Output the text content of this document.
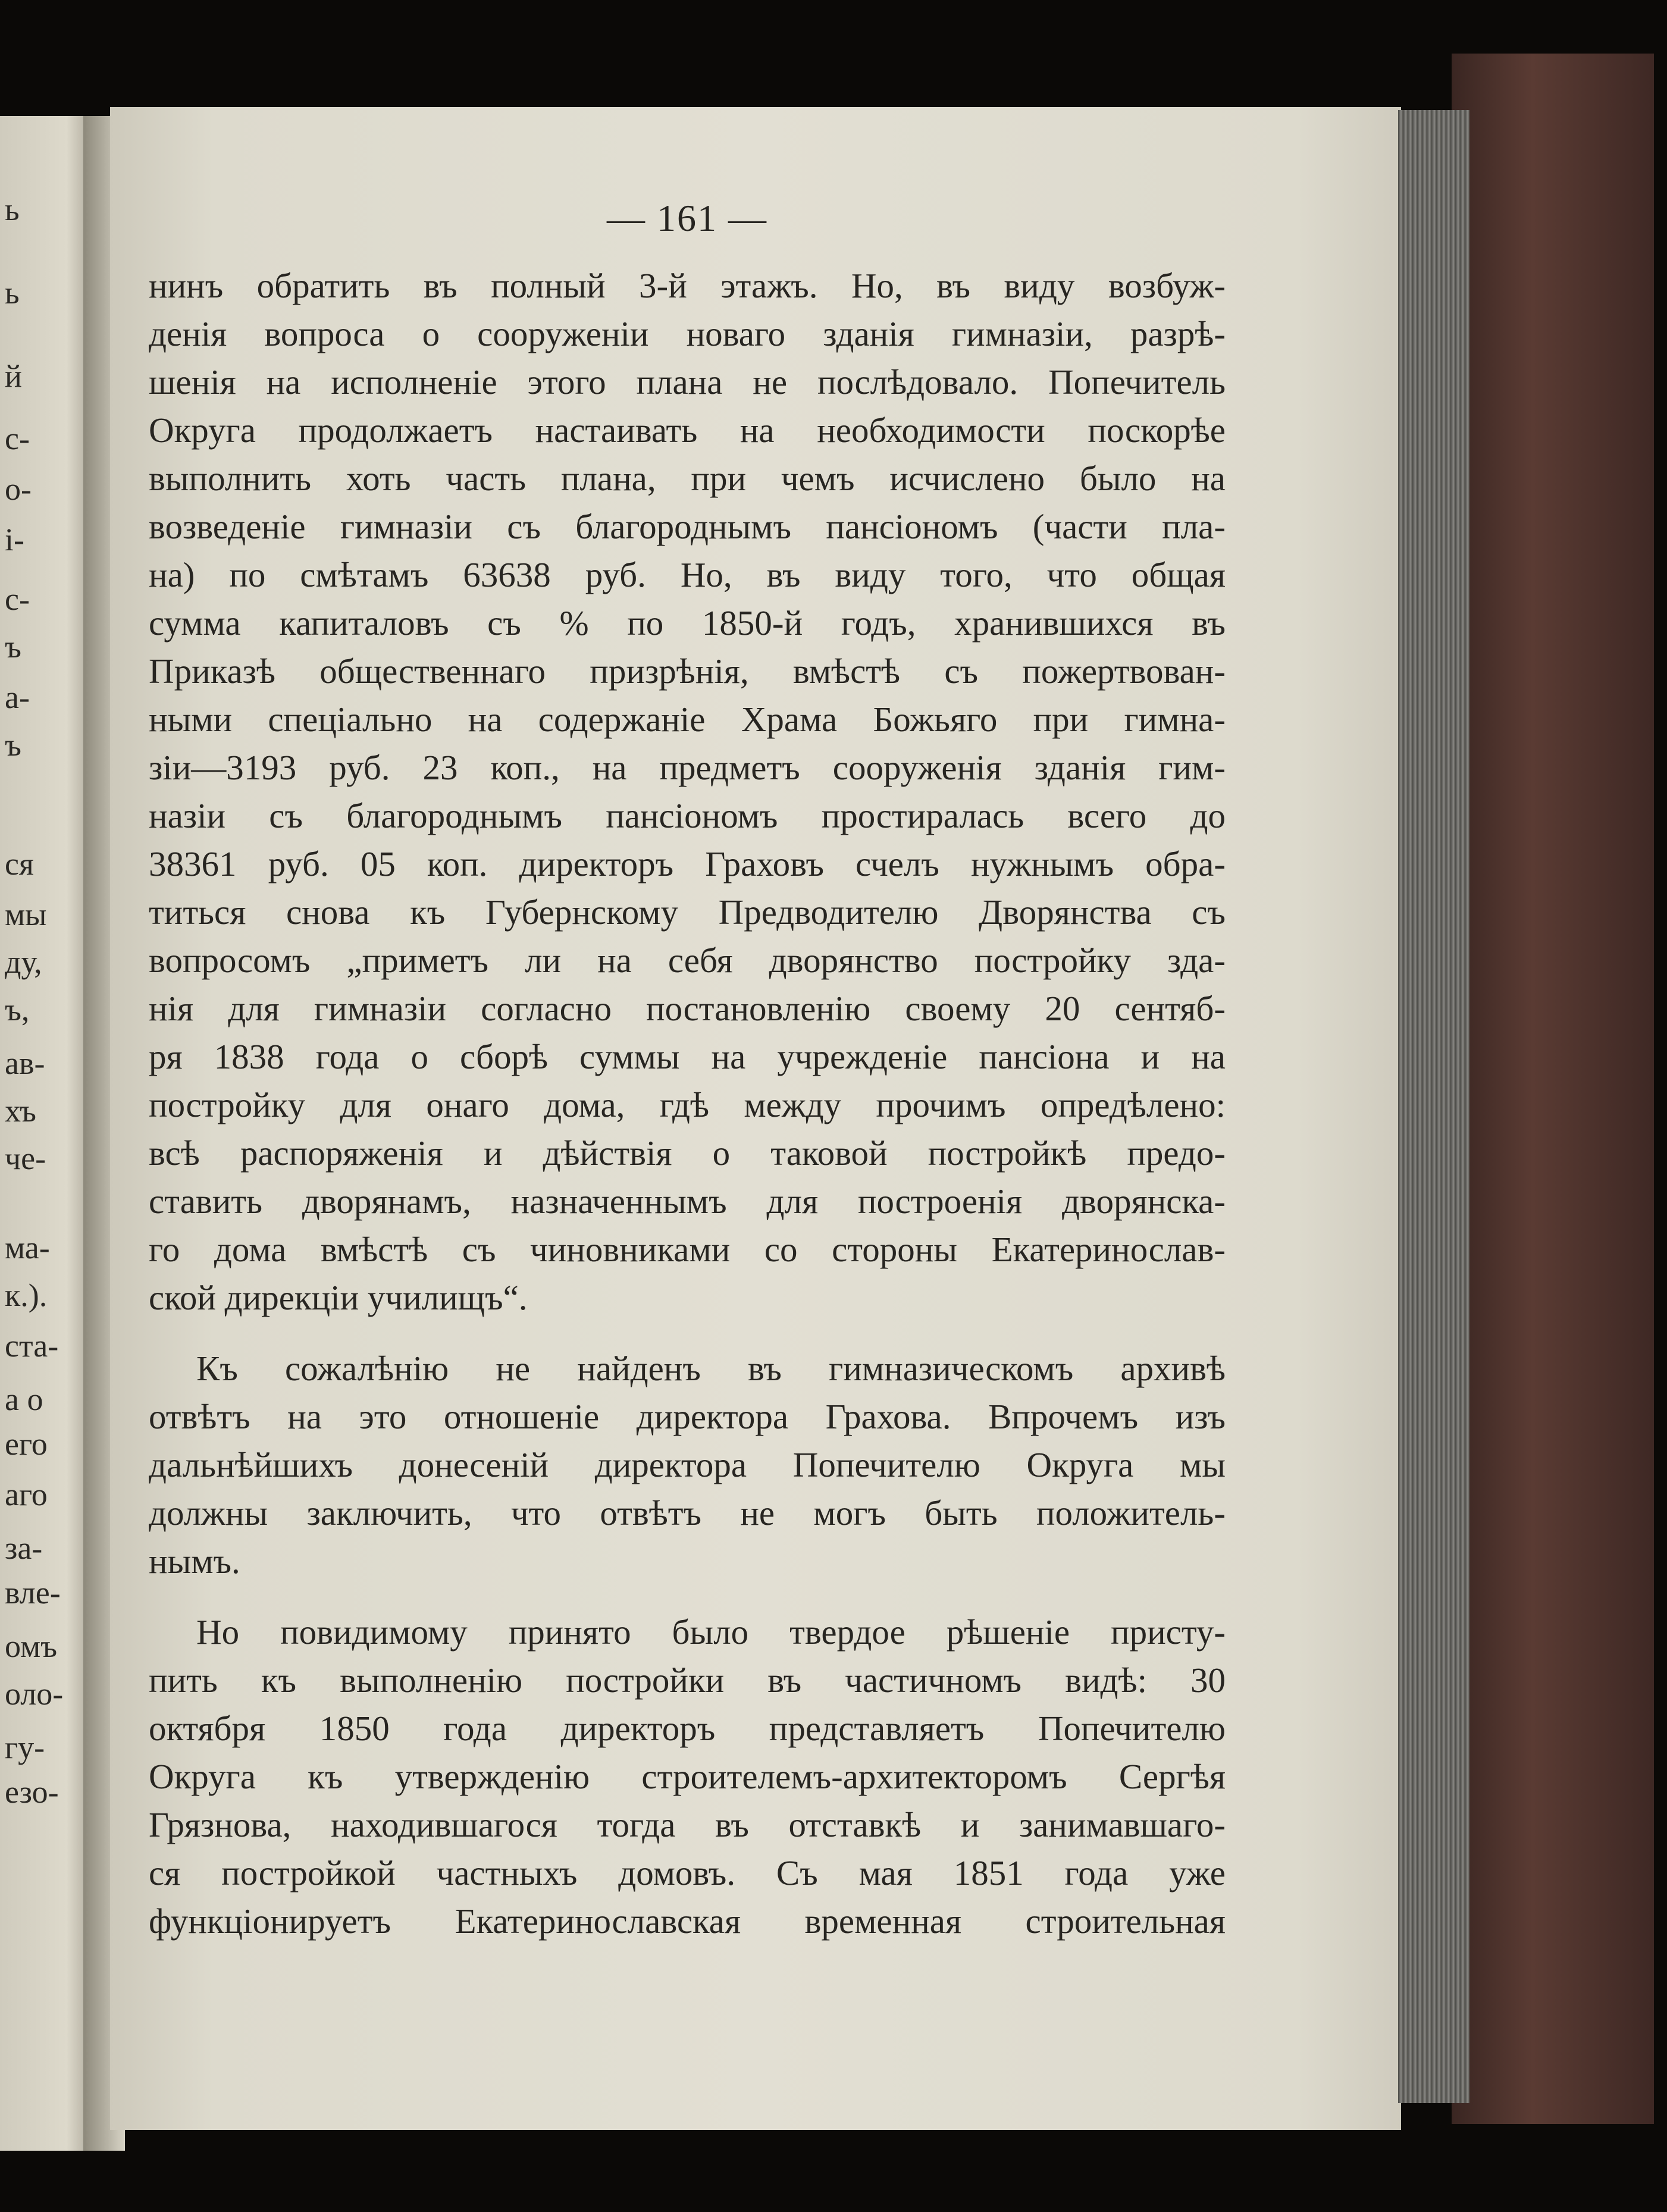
ь
ь
й
с-
о-
і-
с-
ъ
а-
ъ
ся
мы
ду,
ъ,
ав-
хъ
че-
ма-
к.).
ста-
а о
его
аго
за-
вле-
омъ
оло-
гу-
езо-
— 161 —
нинъ обратить въ полный 3-й этажъ. Но, въ виду возбуж-
денія вопроса о сооруженіи новаго зданія гимназіи, разрѣ-
шенія на исполненіе этого плана не послѣдовало. Попечитель
Округа продолжаетъ настаивать на необходимости поскорѣе
выполнить хоть часть плана, при чемъ исчислено было на
возведеніе гимназіи съ благороднымъ пансіономъ (части пла-
на) по смѣтамъ 63638 руб. Но, въ виду того, что общая
сумма капиталовъ съ % по 1850-й годъ, хранившихся въ
Приказѣ общественнаго призрѣнія, вмѣстѣ съ пожертвован-
ными спеціально на содержаніе Храма Божьяго при гимна-
зіи—3193 руб. 23 коп., на предметъ сооруженія зданія гим-
назіи съ благороднымъ пансіономъ простиралась всего до
38361 руб. 05 коп. директоръ Граховъ счелъ нужнымъ обра-
титься снова къ Губернскому Предводителю Дворянства съ
вопросомъ „приметъ ли на себя дворянство постройку зда-
нія для гимназіи согласно постановленію своему 20 сентяб-
ря 1838 года о сборѣ суммы на учрежденіе пансіона и на
постройку для онаго дома, гдѣ между прочимъ опредѣлено:
всѣ распоряженія и дѣйствія о таковой постройкѣ предо-
ставить дворянамъ, назначеннымъ для построенія дворянска-
го дома вмѣстѣ съ чиновниками со стороны Екатеринослав-
ской дирекціи училищъ“.
Къ сожалѣнію не найденъ въ гимназическомъ архивѣ
отвѣтъ на это отношеніе директора Грахова. Впрочемъ изъ
дальнѣйшихъ донесеній директора Попечителю Округа мы
должны заключить, что отвѣтъ не могъ быть положитель-
нымъ.
Но повидимому принято было твердое рѣшеніе присту-
пить къ выполненію постройки въ частичномъ видѣ: 30
октября 1850 года директоръ представляетъ Попечителю
Округа къ утвержденію строителемъ-архитекторомъ Сергѣя
Грязнова, находившагося тогда въ отставкѣ и занимавшаго-
ся постройкой частныхъ домовъ. Съ мая 1851 года уже
функціонируетъ Екатеринославская временная строительная
